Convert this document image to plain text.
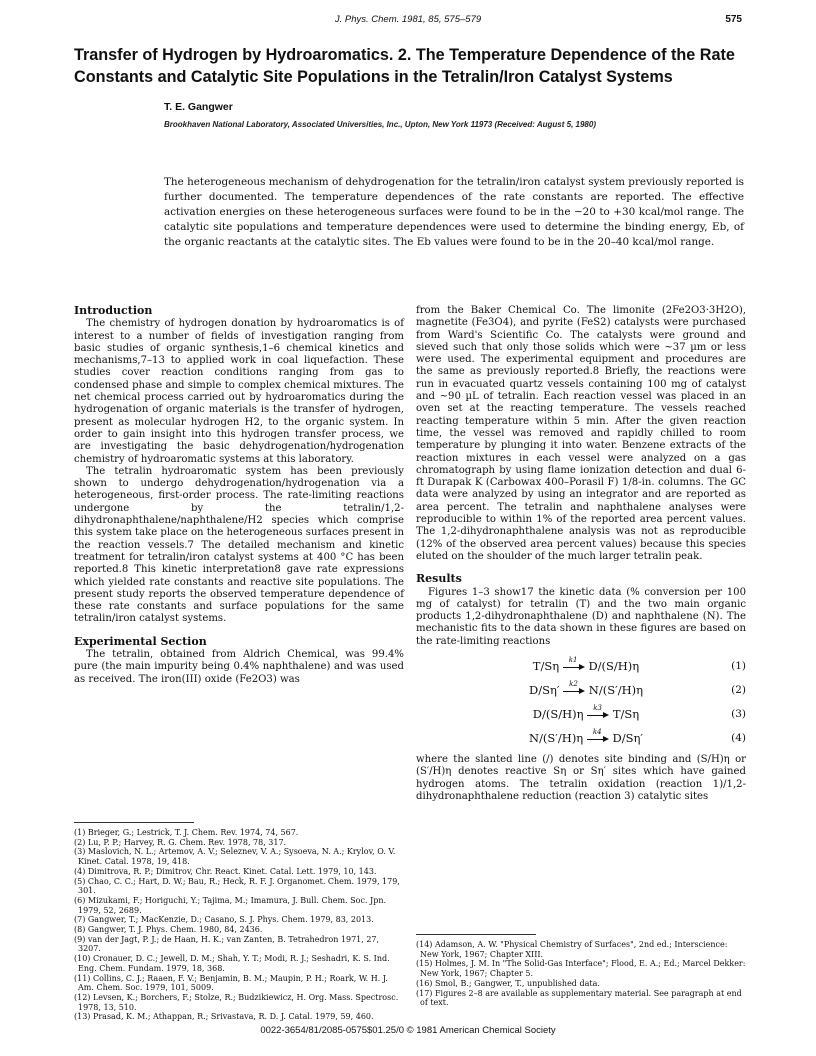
J. Phys. Chem. 1981, 85, 575–579	575
Transfer of Hydrogen by Hydroaromatics. 2. The Temperature Dependence of the Rate Constants and Catalytic Site Populations in the Tetralin/Iron Catalyst Systems
T. E. Gangwer
Brookhaven National Laboratory, Associated Universities, Inc., Upton, New York 11973 (Received: August 5, 1980)
The heterogeneous mechanism of dehydrogenation for the tetralin/iron catalyst system previously reported is further documented. The temperature dependences of the rate constants are reported. The effective activation energies on these heterogeneous surfaces were found to be in the −20 to +30 kcal/mol range. The catalytic site populations and temperature dependences were used to determine the binding energy, Eb, of the organic reactants at the catalytic sites. The Eb values were found to be in the 20–40 kcal/mol range.
Introduction

The chemistry of hydrogen donation by hydroaromatics is of interest to a number of fields of investigation ranging from basic studies of organic synthesis,1–6 chemical kinetics and mechanisms,7–13 to applied work in coal liquefaction. These studies cover reaction conditions ranging from gas to condensed phase and simple to complex chemical mixtures. The net chemical process carried out by hydroaromatics during the hydrogenation of organic materials is the transfer of hydrogen, present as molecular hydrogen H2, to the organic system. In order to gain insight into this hydrogen transfer process, we are investigating the basic dehydrogenation/hydrogenation chemistry of hydroaromatic systems at this laboratory.

The tetralin hydroaromatic system has been previously shown to undergo dehydrogenation/hydrogenation via a heterogeneous, first-order process. The rate-limiting reactions undergone by the tetralin/1,2-dihydronaphthalene/naphthalene/H2 species which comprise this system take place on the heterogeneous surfaces present in the reaction vessels.7 The detailed mechanism and kinetic treatment for tetralin/iron catalyst systems at 400 °C has been reported.8 This kinetic interpretation8 gave rate expressions which yielded rate constants and reactive site populations. The present study reports the observed temperature dependence of these rate constants and surface populations for the same tetralin/iron catalyst systems.

Experimental Section

The tetralin, obtained from Aldrich Chemical, was 99.4% pure (the main impurity being 0.4% naphthalene) and was used as received. The iron(III) oxide (Fe2O3) was

(1) Brieger, G.; Lestrick, T. J. Chem. Rev. 1974, 74, 567.

(2) Lu, P. P.; Harvey, R. G. Chem. Rev. 1978, 78, 317.

(3) Maslovich, N. L.; Artemov, A. V.; Seleznev, V. A.; Sysoeva, N. A.; Krylov, O. V. Kinet. Catal. 1978, 19, 418.

(4) Dimitrova, R. P.; Dimitrov, Chr. React. Kinet. Catal. Lett. 1979, 10, 143.

(5) Chao, C. C.; Hart, D. W.; Bau, R.; Heck, R. F. J. Organomet. Chem. 1979, 179, 301.

(6) Mizukami, F.; Horiguchi, Y.; Tajima, M.; Imamura, J. Bull. Chem. Soc. Jpn. 1979, 52, 2689.

(7) Gangwer, T.; MacKenzie, D.; Casano, S. J. Phys. Chem. 1979, 83, 2013.

(8) Gangwer, T. J. Phys. Chem. 1980, 84, 2436.

(9) van der Jagt, P. J.; de Haan, H. K.; van Zanten, B. Tetrahedron 1971, 27, 3207.

(10) Cronauer, D. C.; Jewell, D. M.; Shah, Y. T.; Modi, R. J.; Seshadri, K. S. Ind. Eng. Chem. Fundam. 1979, 18, 368.

(11) Collins, C. J.; Raaen, F. V.; Benjamin, B. M.; Maupin, P. H.; Roark, W. H. J. Am. Chem. Soc. 1979, 101, 5009.

(12) Levsen, K.; Borchers, F.; Stolze, R.; Budzikiewicz, H. Org. Mass. Spectrosc. 1978, 13, 510.

(13) Prasad, K. M.; Athappan, R.; Srivastava, R. D. J. Catal. 1979, 59, 460.

from the Baker Chemical Co. The limonite (2Fe2O3·3H2O), magnetite (Fe3O4), and pyrite (FeS2) catalysts were purchased from Ward's Scientific Co. The catalysts were ground and sieved such that only those solids which were ~37 µm or less were used. The experimental equipment and procedures are the same as previously reported.8 Briefly, the reactions were run in evacuated quartz vessels containing 100 mg of catalyst and ~90 µL of tetralin. Each reaction vessel was placed in an oven set at the reacting temperature. The vessels reached reacting temperature within 5 min. After the given reaction time, the vessel was removed and rapidly chilled to room temperature by plunging it into water. Benzene extracts of the reaction mixtures in each vessel were analyzed on a gas chromatograph by using flame ionization detection and dual 6-ft Durapak K (Carbowax 400–Porasil F) 1/8-in. columns. The GC data were analyzed by using an integrator and are reported as area percent. The tetralin and naphthalene analyses were reproducible to within 1% of the reported area percent values. The 1,2-dihydronaphthalene analysis was not as reproducible (12% of the observed area percent values) because this species eluted on the shoulder of the much larger tetralin peak.

Results

Figures 1–3 show17 the kinetic data (% conversion per 100 mg of catalyst) for tetralin (T) and the two main organic products 1,2-dihydronaphthalene (D) and naphthalene (N). The mechanistic fits to the data shown in these figures are based on the rate-limiting reactions

T/Sη k1 D/(S/H)η	(1)
D/Sη′ k2 N/(S′/H)η	(2)
D/(S/H)η k3 T/Sη	(3)
N/(S′/H)η k4 D/Sη′	(4)

where the slanted line (/) denotes site binding and (S/H)η or (S′/H)η denotes reactive Sη or Sη′ sites which have gained hydrogen atoms. The tetralin oxidation (reaction 1)/1,2-dihydronaphthalene reduction (reaction 3) catalytic sites

(14) Adamson, A. W. "Physical Chemistry of Surfaces", 2nd ed.; Interscience: New York, 1967; Chapter XIII.

(15) Holmes, J. M. In "The Solid-Gas Interface"; Flood, E. A.; Ed.; Marcel Dekker: New York, 1967; Chapter 5.

(16) Smol, B.; Gangwer, T., unpublished data.

(17) Figures 2–8 are available as supplementary material. See paragraph at end of text.

0022-3654/81/2085-0575$01.25/0 © 1981 American Chemical Society
